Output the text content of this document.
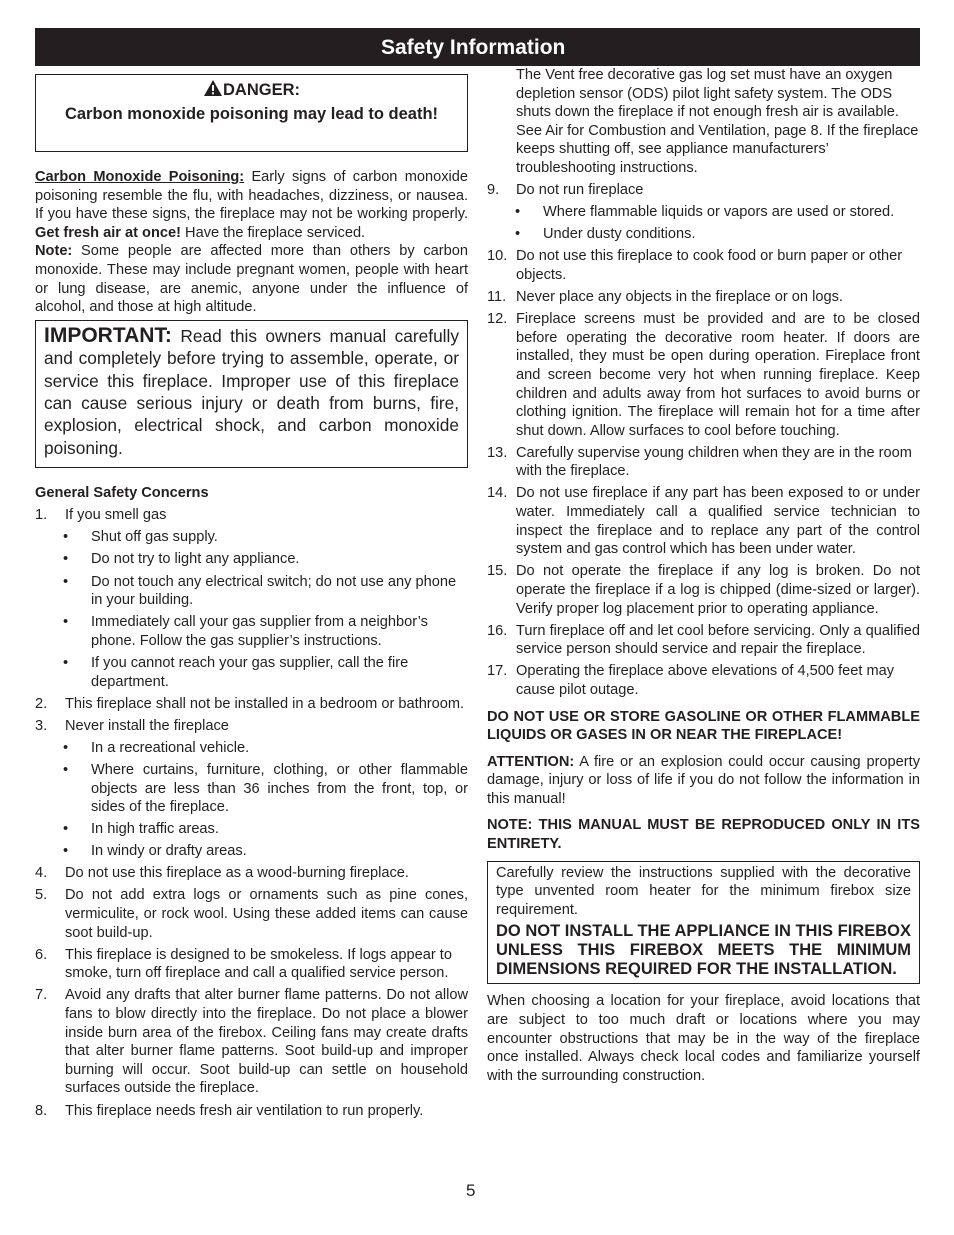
Safety Information
DANGER:
Carbon monoxide poisoning may lead to death!

Carbon Monoxide Poisoning: Early signs of carbon monoxide poisoning resemble the flu, with headaches, dizziness, or nausea. If you have these signs, the fireplace may not be working properly. Get fresh air at once! Have the fireplace serviced.

Note: Some people are affected more than others by carbon monoxide. These may include pregnant women, people with heart or lung disease, are anemic, anyone under the influence of alcohol, and those at high altitude.

IMPORTANT: Read this owners manual carefully and completely before trying to assemble, operate, or service this fireplace. Improper use of this fireplace can cause serious injury or death from burns, fire, explosion, electrical shock, and carbon monoxide poisoning.
General Safety Concerns
1. If you smell gas
• Shut off gas supply.
• Do not try to light any appliance.
• Do not touch any electrical switch; do not use any phone in your building.
• Immediately call your gas supplier from a neighbor’s phone. Follow the gas supplier’s instructions.
• If you cannot reach your gas supplier, call the fire department.
2. This fireplace shall not be installed in a bedroom or bathroom.
3. Never install the fireplace
• In a recreational vehicle.
• Where curtains, furniture, clothing, or other flammable objects are less than 36 inches from the front, top, or sides of the fireplace.
• In high traffic areas.
• In windy or drafty areas.
4. Do not use this fireplace as a wood-burning fireplace.
5. Do not add extra logs or ornaments such as pine cones, vermiculite, or rock wool. Using these added items can cause soot build-up.
6. This fireplace is designed to be smokeless. If logs appear to smoke, turn off fireplace and call a qualified service person.
7. Avoid any drafts that alter burner flame patterns. Do not allow fans to blow directly into the fireplace. Do not place a blower inside burn area of the firebox. Ceiling fans may create drafts that alter burner flame patterns. Soot build-up and improper burning will occur. Soot build-up can settle on household surfaces outside the fireplace.
8. This fireplace needs fresh air ventilation to run properly.
The Vent free decorative gas log set must have an oxygen depletion sensor (ODS) pilot light safety system. The ODS shuts down the fireplace if not enough fresh air is available. See Air for Combustion and Ventilation, page 8. If the fireplace keeps shutting off, see appliance manufacturers’ troubleshooting instructions.
9. Do not run fireplace
• Where flammable liquids or vapors are used or stored.
• Under dusty conditions.
10. Do not use this fireplace to cook food or burn paper or other objects.
11. Never place any objects in the fireplace or on logs.
12. Fireplace screens must be provided and are to be closed before operating the decorative room heater. If doors are installed, they must be open during operation. Fireplace front and screen become very hot when running fireplace. Keep children and adults away from hot surfaces to avoid burns or clothing ignition. The fireplace will remain hot for a time after shut down. Allow surfaces to cool before touching.
13. Carefully supervise young children when they are in the room with the fireplace.
14. Do not use fireplace if any part has been exposed to or under water. Immediately call a qualified service technician to inspect the fireplace and to replace any part of the control system and gas control which has been under water.
15. Do not operate the fireplace if any log is broken. Do not operate the fireplace if a log is chipped (dime-sized or larger). Verify proper log placement prior to operating appliance.
16. Turn fireplace off and let cool before servicing. Only a qualified service person should service and repair the fireplace.
17. Operating the fireplace above elevations of 4,500 feet may cause pilot outage.
DO NOT USE OR STORE GASOLINE OR OTHER FLAMMABLE LIQUIDS OR GASES IN OR NEAR THE FIREPLACE!

ATTENTION: A fire or an explosion could occur causing property damage, injury or loss of life if you do not follow the information in this manual!

NOTE: THIS MANUAL MUST BE REPRODUCED ONLY IN ITS ENTIRETY.
Carefully review the instructions supplied with the decorative type unvented room heater for the minimum firebox size requirement.
DO NOT INSTALL THE APPLIANCE IN THIS FIREBOX UNLESS THIS FIREBOX MEETS THE MINIMUM DIMENSIONS REQUIRED FOR THE INSTALLATION.

When choosing a location for your fireplace, avoid locations that are subject to too much draft or locations where you may encounter obstructions that may be in the way of the fireplace once installed. Always check local codes and familiarize yourself with the surrounding construction.

5
